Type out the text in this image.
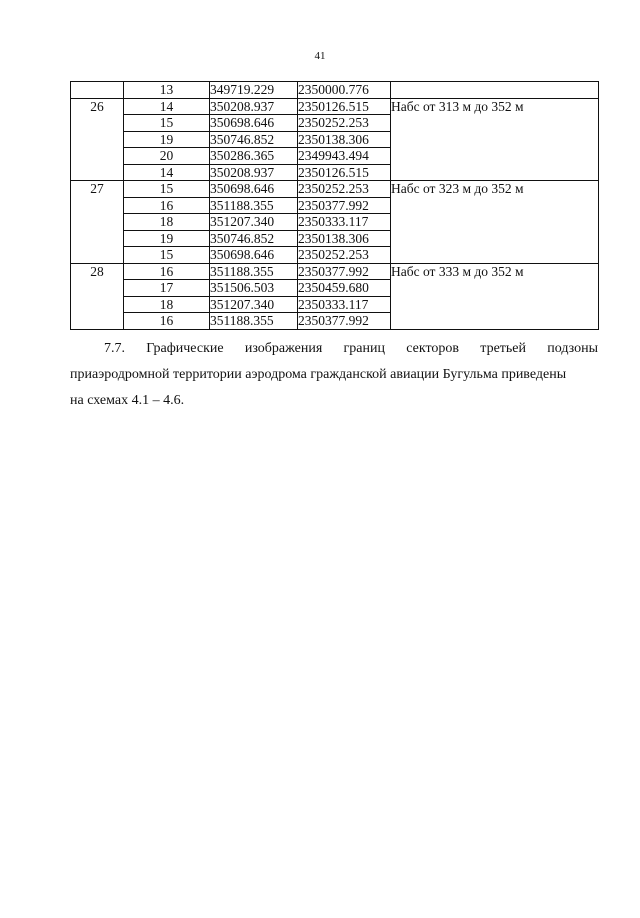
41
	13	349719.229	2350000.776	
26	14	350208.937	2350126.515	Набс от 313 м до 352 м
	15	350698.646	2350252.253	
	19	350746.852	2350138.306	
	20	350286.365	2349943.494	
	14	350208.937	2350126.515	
27	15	350698.646	2350252.253	Набс от 323 м до 352 м
	16	351188.355	2350377.992	
	18	351207.340	2350333.117	
	19	350746.852	2350138.306	
	15	350698.646	2350252.253	
28	16	351188.355	2350377.992	Набс от 333 м до 352 м
	17	351506.503	2350459.680	
	18	351207.340	2350333.117	
	16	351188.355	2350377.992	
7.7. Графические изображения границ секторов третьей подзоны
приаэродромной территории аэродрома гражданской авиации Бугульма приведены
на схемах 4.1 – 4.6.
